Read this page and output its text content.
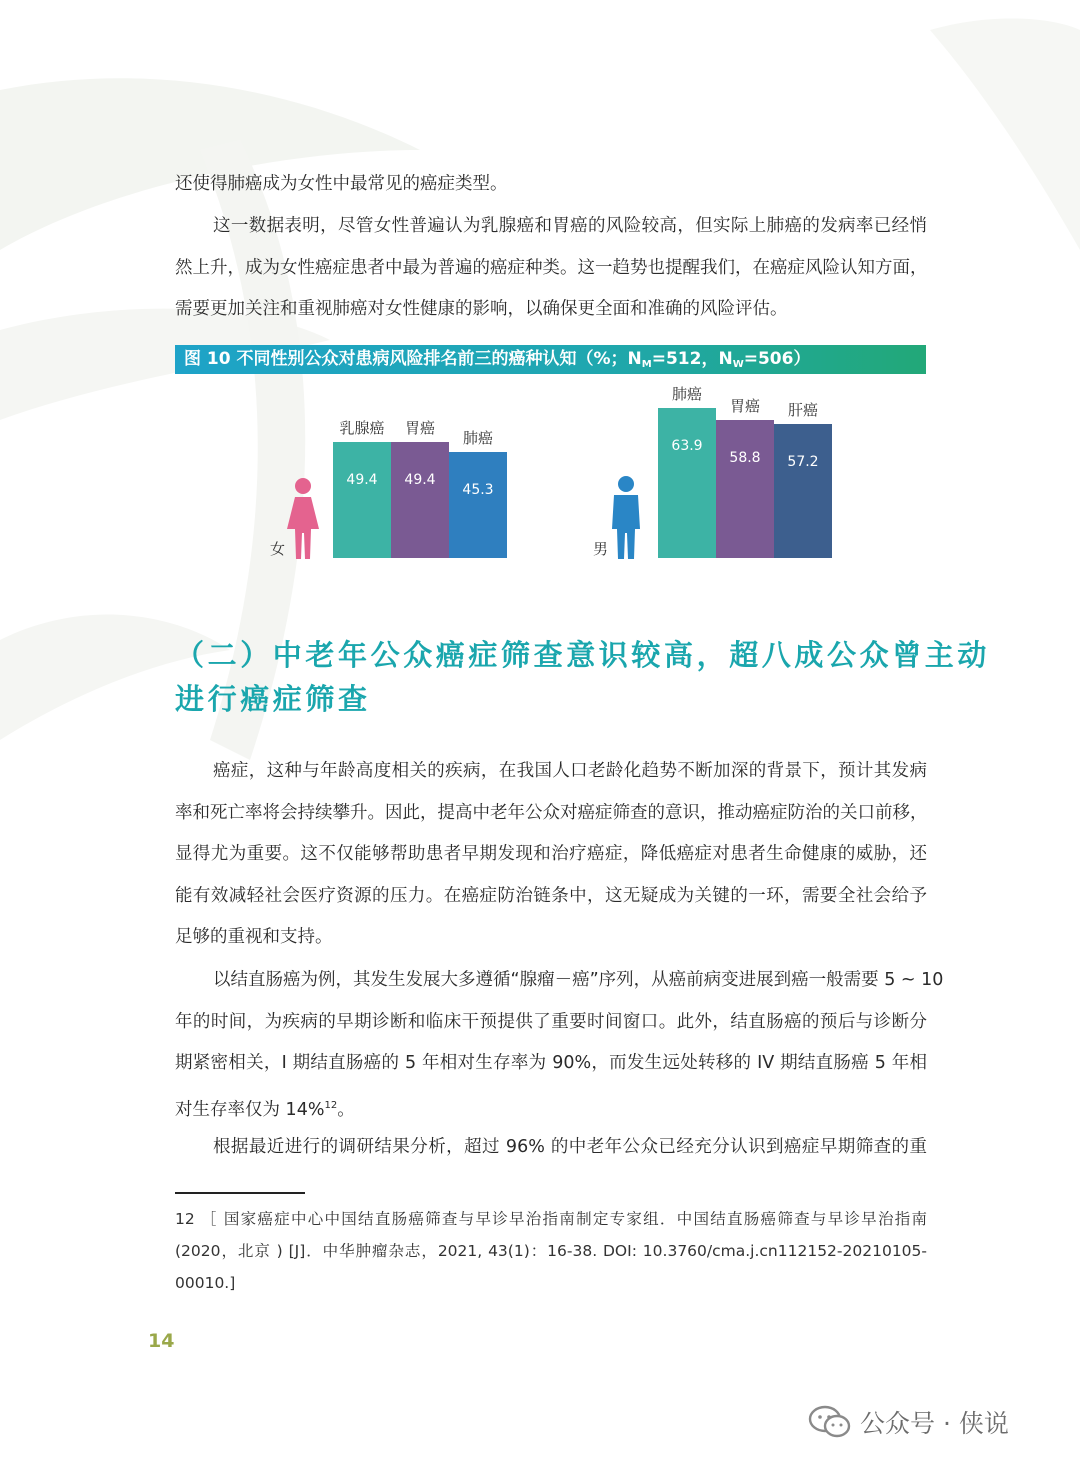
还使得肺癌成为女性中最常见的癌症类型。
这一数据表明，尽管女性普遍认为乳腺癌和胃癌的风险较高，但实际上肺癌的发病率已经悄
然上升，成为女性癌症患者中最为普遍的癌症种类。这一趋势也提醒我们，在癌症风险认知方面，
需要更加关注和重视肺癌对女性健康的影响，以确保更全面和准确的风险评估。
图 10 不同性别公众对患病风险排名前三的癌种认知（%；$N_M=512$，$N_W=506$）
女
49.4
乳腺癌
49.4
胃癌
45.3
肺癌
男
63.9
肺癌
58.8
胃癌
57.2
肝癌
（二）中老年公众癌症筛查意识较高，超八成公众曾主动
进行癌症筛查
癌症，这种与年龄高度相关的疾病，在我国人口老龄化趋势不断加深的背景下，预计其发病
率和死亡率将会持续攀升。因此，提高中老年公众对癌症筛查的意识，推动癌症防治的关口前移，
显得尤为重要。这不仅能够帮助患者早期发现和治疗癌症，降低癌症对患者生命健康的威胁，还
能有效减轻社会医疗资源的压力。在癌症防治链条中，这无疑成为关键的一环，需要全社会给予
足够的重视和支持。
以结直肠癌为例，其发生发展大多遵循“腺瘤－癌”序列，从癌前病变进展到癌一般需要 5 ~ 10
年的时间，为疾病的早期诊断和临床干预提供了重要时间窗口。此外，结直肠癌的预后与诊断分
期紧密相关，I 期结直肠癌的 5 年相对生存率为 90%，而发生远处转移的 IV 期结直肠癌 5 年相
对生存率仅为 14%$^{12}$。
根据最近进行的调研结果分析，超过 96% 的中老年公众已经充分认识到癌症早期筛查的重
12 ［ 国家癌症中心中国结直肠癌筛查与早诊早治指南制定专家组．中国结直肠癌筛查与早诊早治指南
(2020，北京 ) [J]．中华肿瘤杂志，2021, 43(1)：16-38. DOI: 10.3760/cma.j.cn112152-20210105-
00010.]
14
公众号 · 侠说
